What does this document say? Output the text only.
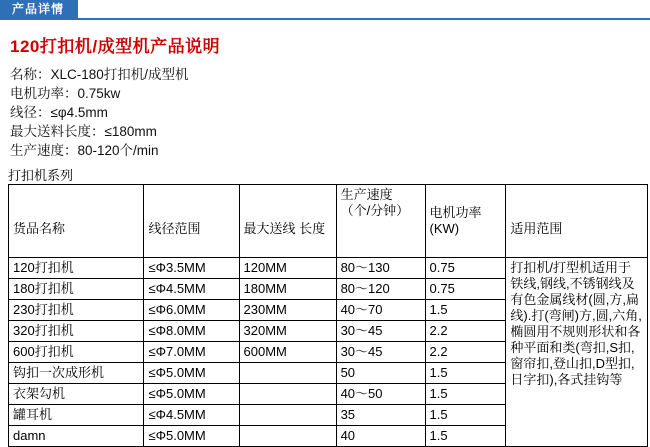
产品详情
120打扣机/成型机产品说明
名称：XLC-180打扣机/成型机
电机功率：0.75kw
线径：≤φ4.5mm
最大送料长度：≤180mm
生产速度：80-120个/min
打扣机系列
货品名称	线径范围	最大送线 长度	生产速度 （个/分钟）	电机功率 (KW)	适用范围

120打扣机	≤Φ3.5MM	120MM	80～130	0.75	打扣机/打型机适用于铁线,钢线,不锈钢线及有色金属线材(圆,方,扁线).打(弯闸)方,圆,六角,椭圆用不规则形状和各种平面和类(弯扣,S扣,窗帘扣,登山扣,D型扣,日字扣),各式挂钩等

180打扣机	≤Φ4.5MM	180MM	80～120	0.75	
230打扣机	≤Φ6.0MM	230MM	40～70	1.5	
320打扣机	≤Φ8.0MM	320MM	30～45	2.2	
600打扣机	≤Φ7.0MM	600MM	30～45	2.2	
钩扣一次成形机	≤Φ5.0MM		50	1.5	
衣架勾机	≤Φ5.0MM		40～50	1.5	
罐耳机	≤Φ4.5MM		35	1.5	
damn	≤Φ5.0MM		40	1.5	
